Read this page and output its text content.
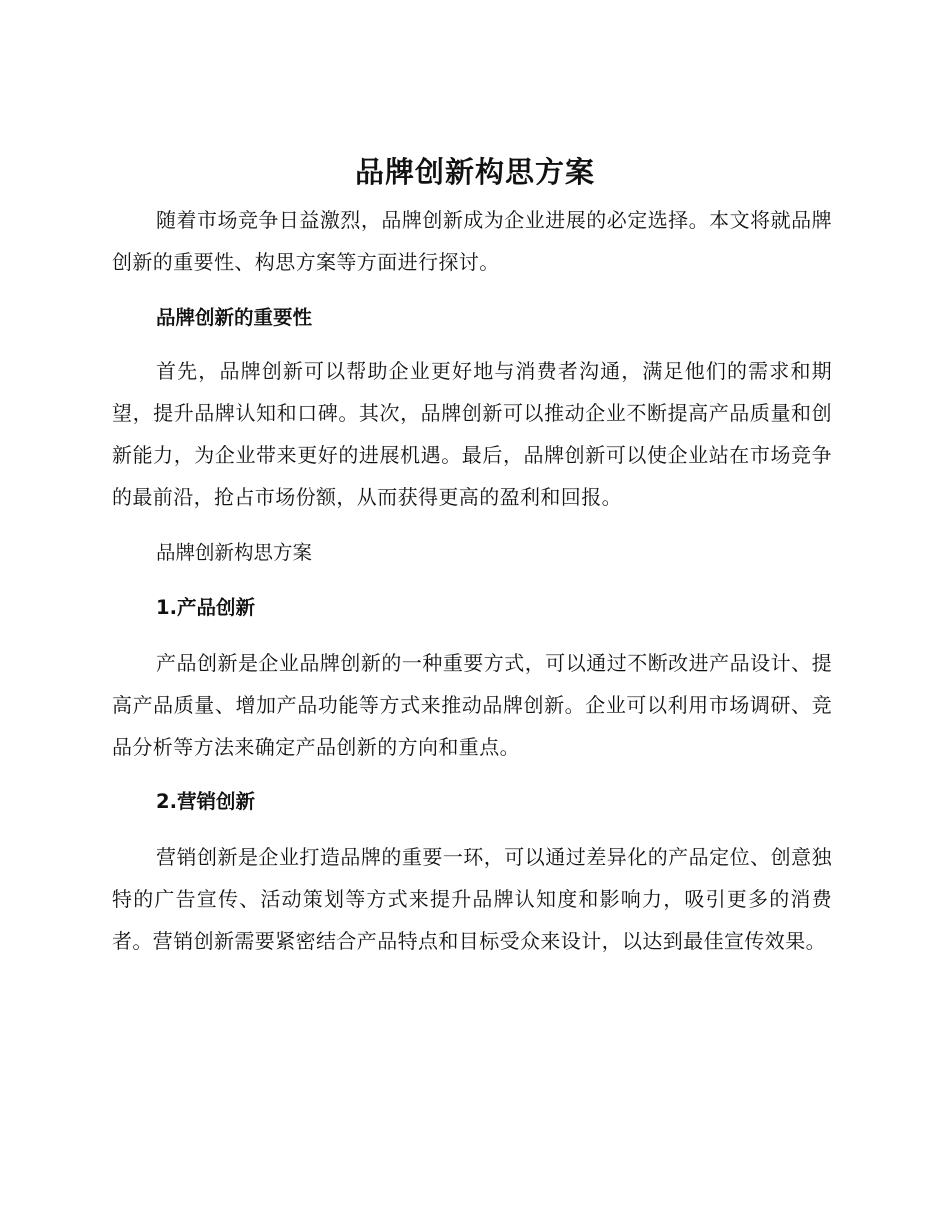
品牌创新构思方案

随着市场竞争日益激烈，品牌创新成为企业进展的必定选择。本文将就品牌创新的重要性、构思方案等方面进行探讨。

品牌创新的重要性

首先，品牌创新可以帮助企业更好地与消费者沟通，满足他们的需求和期望，提升品牌认知和口碑。其次，品牌创新可以推动企业不断提高产品质量和创新能力，为企业带来更好的进展机遇。最后，品牌创新可以使企业站在市场竞争的最前沿，抢占市场份额，从而获得更高的盈利和回报。

品牌创新构思方案
1.产品创新

产品创新是企业品牌创新的一种重要方式，可以通过不断改进产品设计、提高产品质量、增加产品功能等方式来推动品牌创新。企业可以利用市场调研、竞品分析等方法来确定产品创新的方向和重点。

2.营销创新

营销创新是企业打造品牌的重要一环，可以通过差异化的产品定位、创意独特的广告宣传、活动策划等方式来提升品牌认知度和影响力，吸引更多的消费者。营销创新需要紧密结合产品特点和目标受众来设计，以达到最佳宣传效果。
